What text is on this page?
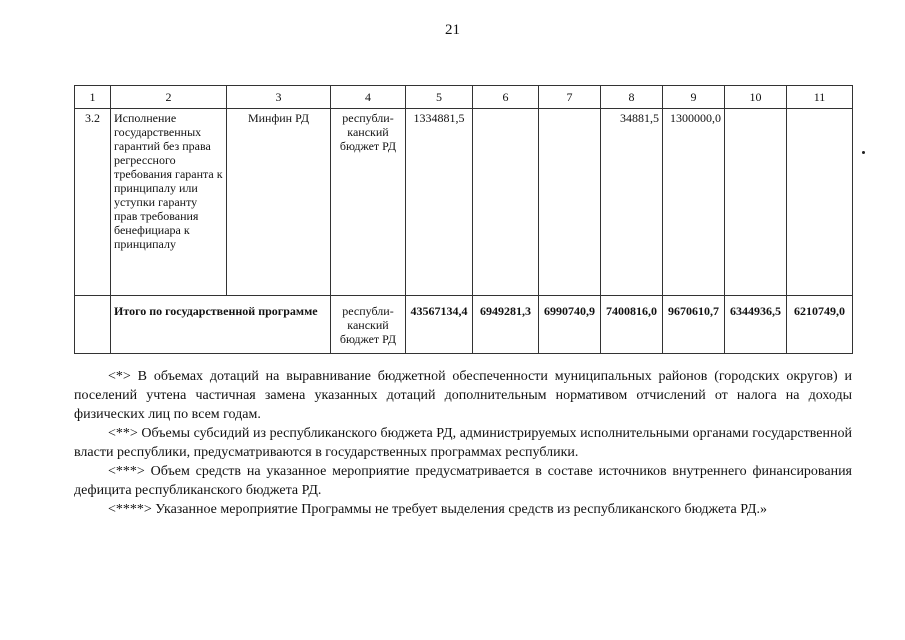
21
1	2	3	4	5	6	7	8	9	10	11
3.2	Исполнение государственных гарантий без права регрессного требования гаранта к принципалу или уступки гаранту прав требования бенефициара к принципалу	Минфин РД	республи-канский бюджет РД	1334881,5			34881,5	1300000,0		
	Итого по государственной программе		республи-канский бюджет РД	43567134,4	6949281,3	6990740,9	7400816,0	9670610,7	6344936,5	6210749,0

<*> В объемах дотаций на выравнивание бюджетной обеспеченности муниципальных районов (городских округов) и поселений учтена частичная замена указанных дотаций дополнительным нормативом отчислений от налога на доходы физических лиц по всем годам.

<**> Объемы субсидий из республиканского бюджета РД, администрируемых исполнительными органами государственной власти республики, предусматриваются в государственных программах республики.

<***> Объем средств на указанное мероприятие предусматривается в составе источников внутреннего финансирования дефицита республиканского бюджета РД.

<****> Указанное мероприятие Программы не требует выделения средств из республиканского бюджета РД.»
